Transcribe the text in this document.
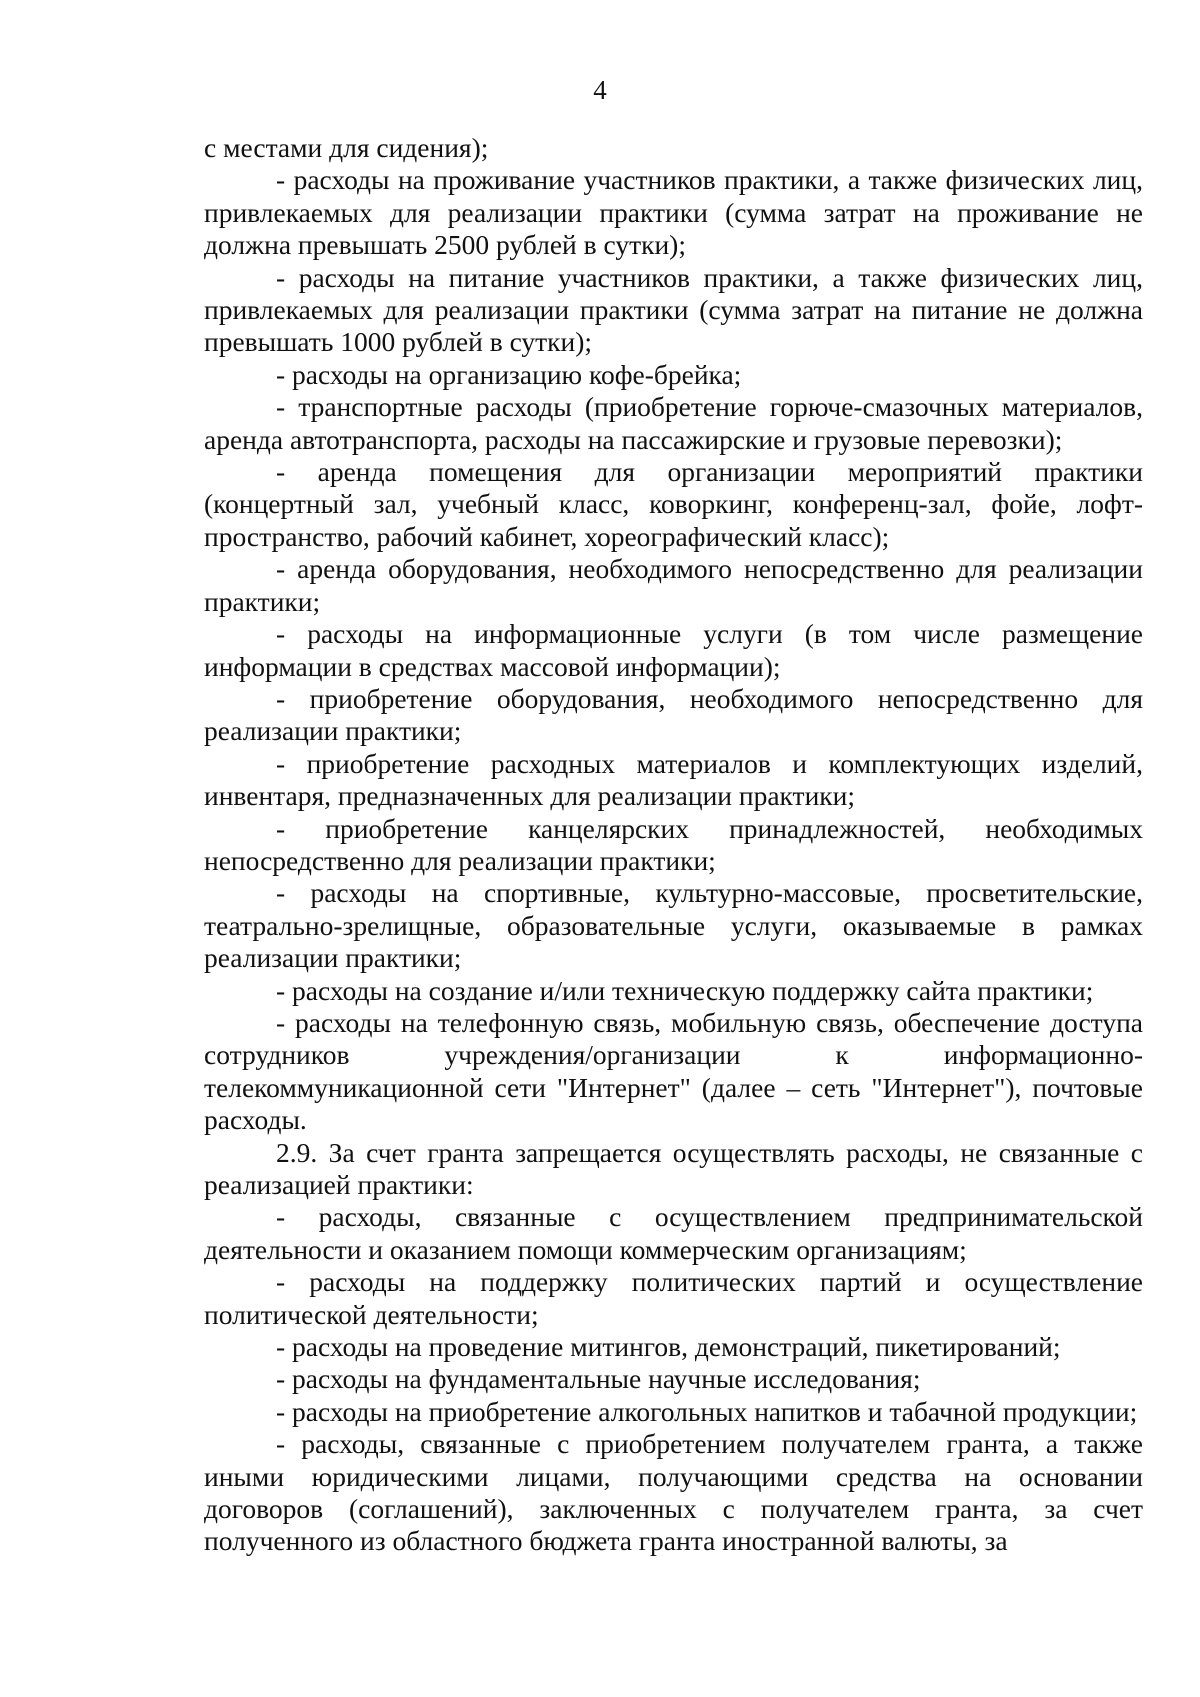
4

с местами для сидения);

- расходы на проживание участников практики, а также физических лиц, привлекаемых для реализации практики (сумма затрат на проживание не должна превышать 2500 рублей в сутки);

- расходы на питание участников практики, а также физических лиц, привлекаемых для реализации практики (сумма затрат на питание не должна превышать 1000 рублей в сутки);

- расходы на организацию кофе-брейка;

- транспортные расходы (приобретение горюче-смазочных материалов, аренда автотранспорта, расходы на пассажирские и грузовые перевозки);

- аренда помещения для организации мероприятий практики (концертный зал, учебный класс, коворкинг, конференц-зал, фойе, лофт-пространство, рабочий кабинет, хореографический класс);

- аренда оборудования, необходимого непосредственно для реализации практики;

- расходы на информационные услуги (в том числе размещение информации в средствах массовой информации);

- приобретение оборудования, необходимого непосредственно для реализации практики;

- приобретение расходных материалов и комплектующих изделий, инвентаря, предназначенных для реализации практики;

- приобретение канцелярских принадлежностей, необходимых непосредственно для реализации практики;

- расходы на спортивные, культурно-массовые, просветительские, театрально-зрелищные, образовательные услуги, оказываемые в рамках реализации практики;

- расходы на создание и/или техническую поддержку сайта практики;

- расходы на телефонную связь, мобильную связь, обеспечение доступа сотрудников учреждения/организации к информационно-телекоммуникационной сети "Интернет" (далее – сеть "Интернет"), почтовые расходы.

2.9. За счет гранта запрещается осуществлять расходы, не связанные с реализацией практики:

- расходы, связанные с осуществлением предпринимательской деятельности и оказанием помощи коммерческим организациям;

- расходы на поддержку политических партий и осуществление политической деятельности;

- расходы на проведение митингов, демонстраций, пикетирований;

- расходы на фундаментальные научные исследования;

- расходы на приобретение алкогольных напитков и табачной продукции;

- расходы, связанные с приобретением получателем гранта, а также иными юридическими лицами, получающими средства на основании договоров (соглашений), заключенных с получателем гранта, за счет полученного из областного бюджета гранта иностранной валюты, за
